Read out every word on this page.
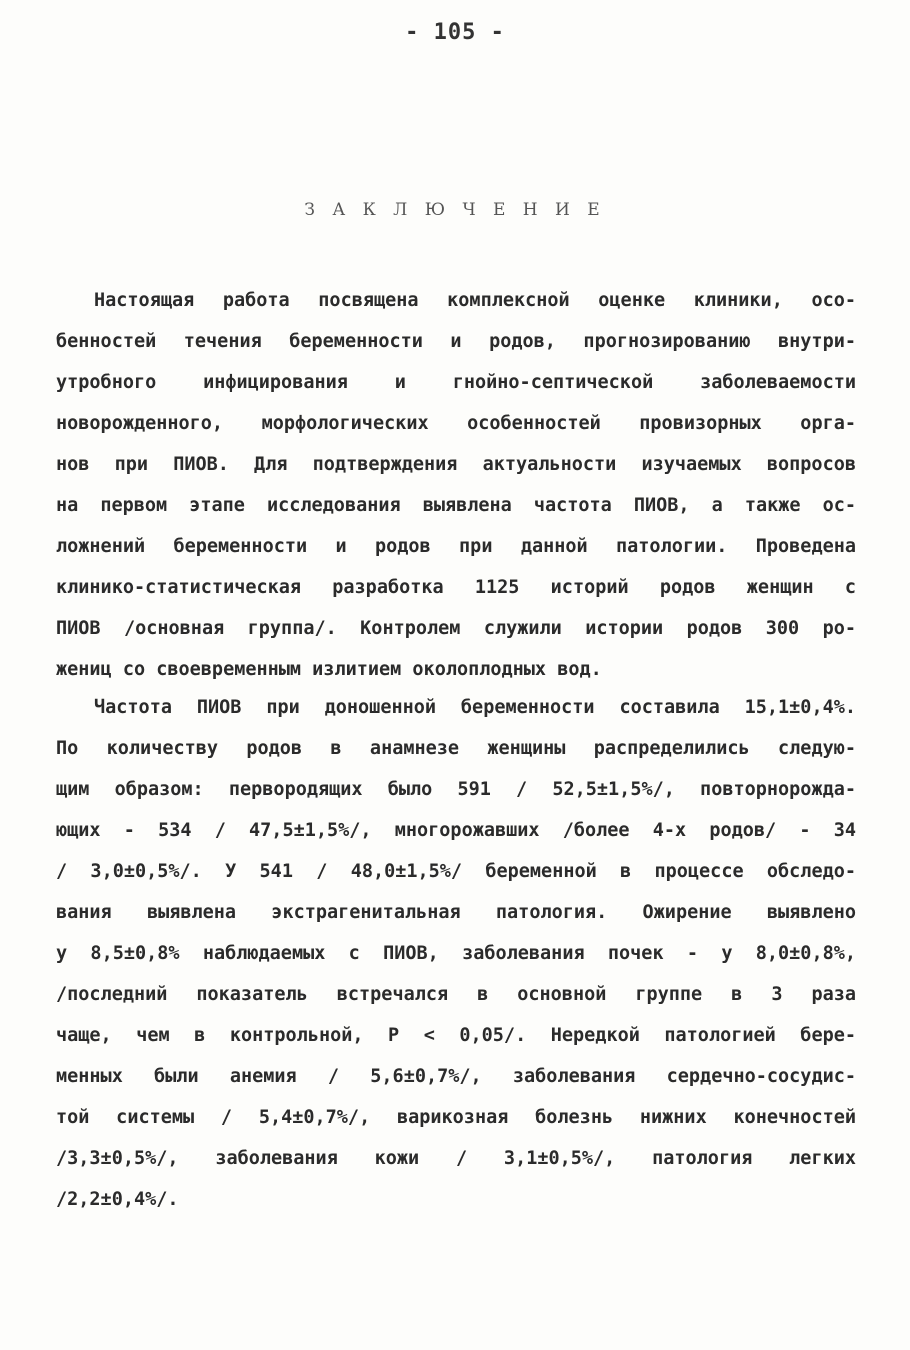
- 105 -
З А К Л Ю Ч Е Н И Е
Настоящая работа посвящена комплексной оценке клиники, осо-
бенностей течения беременности и родов, прогнозированию внутри-
утробного инфицирования и гнойно-септической заболеваемости
новорожденного, морфологических особенностей провизорных орга-
нов при ПИОВ. Для подтверждения актуальности изучаемых вопросов
на первом этапе исследования выявлена частота ПИОВ, а также ос-
ложнений беременности и родов при данной патологии. Проведена
клинико-статистическая разработка 1125 историй родов женщин с
ПИОВ /основная группа/. Контролем служили истории родов 300 ро-
жениц со своевременным излитием околоплодных вод.
Частота ПИОВ при доношенной беременности составила 15,1±0,4%.
По количеству родов в анамнезе женщины распределились следую-
щим образом: первородящих было 591 / 52,5±1,5%/, повторнорожда-
ющих - 534 / 47,5±1,5%/, многорожавших /более 4-х родов/ - 34
/ 3,0±0,5%/. У 541 / 48,0±1,5%/ беременной в процессе обследо-
вания выявлена экстрагенитальная патология. Ожирение выявлено
у 8,5±0,8% наблюдаемых с ПИОВ, заболевания почек - у 8,0±0,8%,
/последний показатель встречался в основной группе в 3 раза
чаще, чем в контрольной, Р < 0,05/. Нередкой патологией бере-
менных были анемия / 5,6±0,7%/, заболевания сердечно-сосудис-
той системы / 5,4±0,7%/, варикозная болезнь нижних конечностей
/3,3±0,5%/, заболевания кожи / 3,1±0,5%/, патология легких
/2,2±0,4%/.
